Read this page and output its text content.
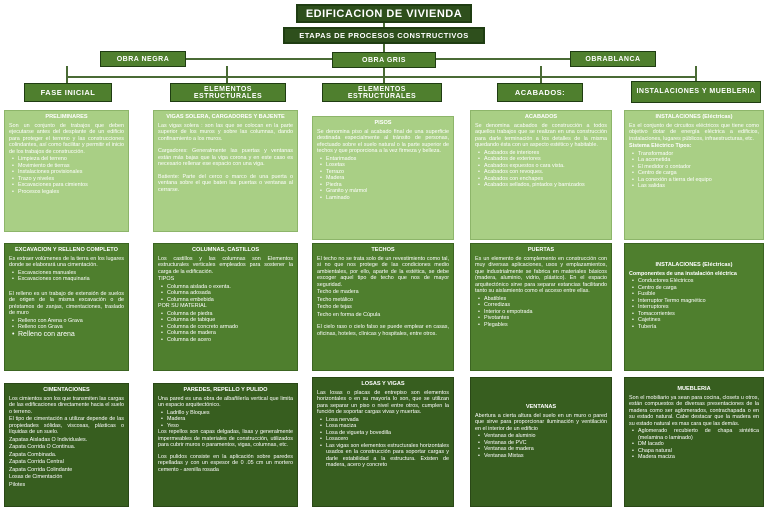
EDIFICACION DE VIVIENDA
ETAPAS DE PROCESOS CONSTRUCTIVOS
OBRA NEGRA	OBRA GRIS	OBRABLANCA
FASE INICIAL	ELEMENTOS ESTRUCTURALES
ELEMENTOS ESTRUCTURALES	ACABADOS:	INSTALACIONES Y MUEBLERIA
PRELIMINARES

Son un conjunto de trabajos que deben ejecutarse antes del desplante de un edificio para proteger el terreno y las construcciones colindantes, así como facilitar y permitir el inicio de los trabajos de construcción.

• Limpieza del terreno
• Movimiento de tierras
• Instalaciones provisionales
• Trazo y niveles
• Excavaciones para cimientos
• Procesos legales
EXCAVACION Y RELLENO COMPLETO

Es extraer volúmenes de la tierra en los lugares donde se elaborará una cimentación.

• Excavaciones manuales
• Excavaciones con maquinaria

El relleno es un trabajo de extensión de suelos de origen de la misma excavación o de préstamos de zanjas, cimentaciones, traslado de muro

• Relleno con Arena o Grava
• Relleno con Grava
• Relleno con arena
CIMENTACIONES

Los cimientos son los que transmiten las cargas de las edificaciones directamente hacia el suelo o terreno.

El tipo de cimentación a utilizar depende de las propiedades sólidas, viscosas, plásticas o líquidas de un suelo.

Zapatas Aisladas O Individuales.

Zapata Corrida O Continua.

Zapata Combinada.

Zapata Corrida Central

Zapata Corrida Colindante

Losas de Cimentación

Pilotes

VIGAS SOLERA, CARGADORES Y BAJENTE

Las vigas solera : son las que se colocan en la parte superior de los muros y sobre las columnas, dando confinamiento a los muros.

Cargadores: Generalmente las puertas y ventanas están más bajas que la viga corona y en este caso es necesario rellenar ese espacio con una viga.

Batiente: Parte del cerco o marco de una puerta o ventana sobre el que baten las puertas o ventanas al cerrarse.

COLUMNAS, CASTILLOS

Los castillos y las columnas son Elementos estructurales verticales empleados para sostener la carga de la edificación.

TIPOS

• Columna aislada o exenta.
• Columna adosada
• Columna embebida

POR SU MATERIAL

• Columna de piedra
• Columna de tabique
• Columna de concreto armado
• Columna de madera
• Columna de acero
PAREDES, REPELLO Y PULIDO

Una pared es una obra de albañilería vertical que limita un espacio arquitectónico.

• Ladrillo y Bloques
• Madera
• Yeso

Los repellos son capas delgadas, lisas y generalmente impermeables de materiales de construcción, utilizados para cubrir muros o paramentos, vigas, columnas, etc.

Los pulidos consiste en la aplicación sobre paredes repelladas y con un espesor de 0 .05 cm un mortero cemento - arenilla rosada

PISOS

Se denomina piso al acabado final de una superficie destinada especialmente al tránsito de personas, efectuado sobre el suelo natural o la parte superior de techos y que proporciona a la vez firmeza y belleza.

• Entarimados
• Losetas
• Terrazo
• Madera
• Piedra
• Granito y mármol
• Laminado
TECHOS

El techo no se trata solo de un revestimiento como tal, si no que nos protege de las condiciones medio ambientales, por ello, aparte de la estética, se debe escoger aquel tipo de techo que nos de mayor seguridad.

Techo de madera

Techo metálico

Techo de tejas

Techo en forma de Cúpula

El cielo raso o cielo falso se puede emplear en casas, oficinas, hoteles, clínicas y hospitales, entre otros.

LOSAS Y VIGAS

Las losas o placas de entrepiso son elementos horizontales o en su mayoría lo son, que se utilizan para separar un piso o nivel entre otros, cumplen la función de soportar cargas vivas y muertas.

• Losa nervada
• Losa maciza
• Losa de vigueta y bovedilla
• Losacero
• Las vigas son elementos estructurales horizontales usados en la construcción para soportar cargas y darle estabilidad a la estructura. Existen de madera, acero y concreto
ACABADOS

Se denomina acabados de construcción a todos aquellos trabajos que se realizan en una construcción para darle terminación a los detalles de la misma quedando ésta con un aspecto estético y habitable.

• Acabados de interiores
• Acabados de exteriores
• Acabados expuestos o cara vista.
• Acabados con revoques.
• Acabados con enchapes
• Acabados sellados, pintados y barnizados
PUERTAS

Es un elemento de complemento en construcción con muy diversas aplicaciones, usos y emplazamientos, que industrialmente se fabrica en materiales básicos (madera, aluminio, vidrio, plástico). En el espacio arquitectónico sirve para separar estancias facilitando tanto su aislamiento como el acceso entre ellas.

• Abatibles
• Corredizas
• Interior o empotrada
• Pivotantes
• Plegables
VENTANAS

Abertura a cierta altura del suelo en un muro o pared que sirve para proporcionar iluminación y ventilación en el interior de un edificio

• Ventanas de aluminio
• Ventanas de PVC
• Ventanas de madera
• Ventanas Mixtas
INSTALACIONES (Eléctricas)

Es el conjunto de circuitos eléctricos que tiene como objetivo dotar de energía eléctrica a edificios, instalaciones, lugares públicos, infraestructuras, etc.

Sistema Eléctrico Tipos:

• Transformador
• La acometida
• El medidor o contador
• Centro de carga
• La conexión a tierra del equipo
• Las salidas
INSTALACIONES (Eléctricas)

Componentes de una instalación eléctrica

• Conductores Eléctricos
• Centro de carga
• Fusible
• Interruptor Termo magnético
• Interruptores
• Tomacorrientes
• Cajetines
• Tubería
MUEBLERIA

Son el mobiliario ya sean para cocina, closets u otros, están compuestos de diversas presentaciones de la madera como ser aglomerados, contrachapada o en su estado natural. Cabe destacar que la madera en su estado natural es mas cara que las demás.

• Aglomerado recubierto de chapa sintética (melamina o laminado)
• DM lacado
• Chapa natural
• Madera maciza
